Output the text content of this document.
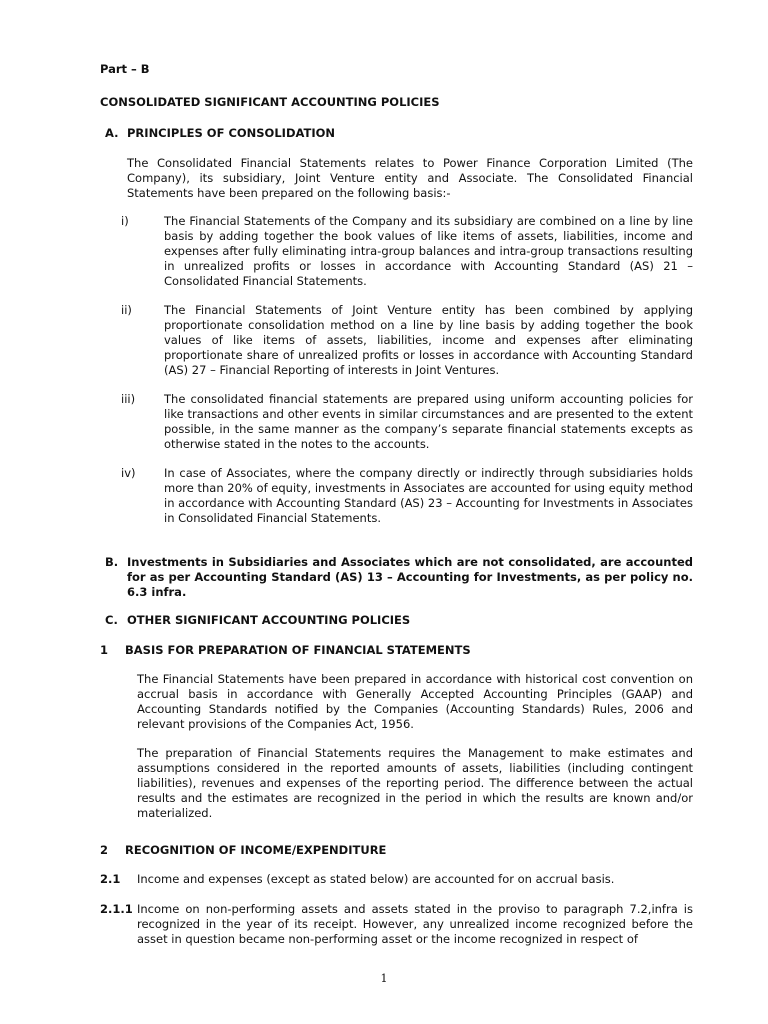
Part – B
CONSOLIDATED SIGNIFICANT ACCOUNTING POLICIES
A. PRINCIPLES OF CONSOLIDATION
The Consolidated Financial Statements relates to Power Finance Corporation Limited (The Company), its subsidiary, Joint Venture entity and Associate. The Consolidated Financial Statements have been prepared on the following basis:-
i)	The Financial Statements of the Company and its subsidiary are combined on a line by line basis by adding together the book values of like items of assets, liabilities, income and expenses after fully eliminating intra-group balances and intra-group transactions resulting in unrealized profits or losses in accordance with Accounting Standard (AS) 21 – Consolidated Financial Statements.
ii)	The Financial Statements of Joint Venture entity has been combined by applying proportionate consolidation method on a line by line basis by adding together the book values of like items of assets, liabilities, income and expenses after eliminating proportionate share of unrealized profits or losses in accordance with Accounting Standard (AS) 27 – Financial Reporting of interests in Joint Ventures.
iii)	The consolidated financial statements are prepared using uniform accounting policies for like transactions and other events in similar circumstances and are presented to the extent possible, in the same manner as the company’s separate financial statements excepts as otherwise stated in the notes to the accounts.
iv) In case of Associates, where the company directly or indirectly through subsidiaries holds more than 20% of equity, investments in Associates are accounted for using equity method in accordance with Accounting Standard (AS) 23 – Accounting for Investments in Associates in Consolidated Financial Statements.
B. Investments in Subsidiaries and Associates which are not consolidated, are accounted for as per Accounting Standard (AS) 13 – Accounting for Investments, as per policy no. 6.3 infra.
C. OTHER SIGNIFICANT ACCOUNTING POLICIES
1 BASIS FOR PREPARATION OF FINANCIAL STATEMENTS
The Financial Statements have been prepared in accordance with historical cost convention on accrual basis in accordance with Generally Accepted Accounting Principles (GAAP) and Accounting Standards notified by the Companies (Accounting Standards) Rules, 2006 and relevant provisions of the Companies Act, 1956.
The preparation of Financial Statements requires the Management to make estimates and assumptions considered in the reported amounts of assets, liabilities (including contingent liabilities), revenues and expenses of the reporting period. The difference between the actual results and the estimates are recognized in the period in which the results are known and/or materialized.
2 RECOGNITION OF INCOME/EXPENDITURE
2.1 Income and expenses (except as stated below) are accounted for on accrual basis.
2.1.1 Income on non-performing assets and assets stated in the proviso to paragraph 7.2,infra is recognized in the year of its receipt. However, any unrealized income recognized before the asset in question became non-performing asset or the income recognized in respect of
1
